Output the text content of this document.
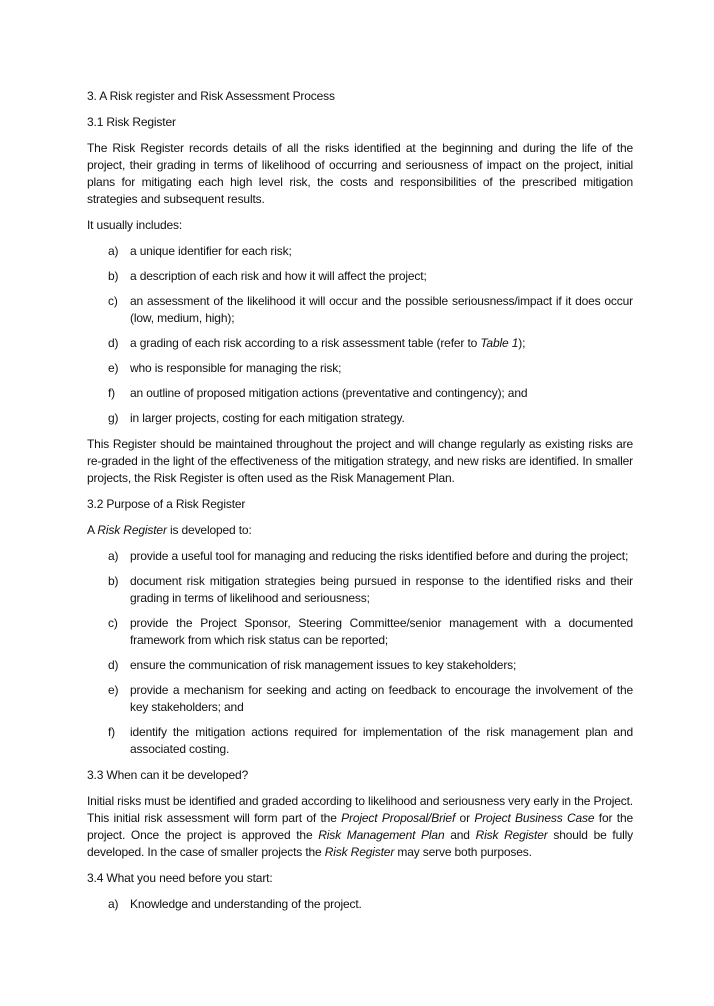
3. A Risk register and Risk Assessment Process

3.1 Risk Register

The Risk Register records details of all the risks identified at the beginning and during the life of the project, their grading in terms of likelihood of occurring and seriousness of impact on the project, initial plans for mitigating each high level risk, the costs and responsibilities of the prescribed mitigation strategies and subsequent results.

It usually includes:

a) a unique identifier for each risk;
b) a description of each risk and how it will affect the project;
c) an assessment of the likelihood it will occur and the possible seriousness/impact if it does occur (low, medium, high);
d) a grading of each risk according to a risk assessment table (refer to Table 1);
e) who is responsible for managing the risk;
f) an outline of proposed mitigation actions (preventative and contingency); and
g) in larger projects, costing for each mitigation strategy.

This Register should be maintained throughout the project and will change regularly as existing risks are re-graded in the light of the effectiveness of the mitigation strategy, and new risks are identified. In smaller projects, the Risk Register is often used as the Risk Management Plan.

3.2 Purpose of a Risk Register

A Risk Register is developed to:

a) provide a useful tool for managing and reducing the risks identified before and during the project;
b) document risk mitigation strategies being pursued in response to the identified risks and their grading in terms of likelihood and seriousness;
c) provide the Project Sponsor, Steering Committee/senior management with a documented framework from which risk status can be reported;
d) ensure the communication of risk management issues to key stakeholders;
e) provide a mechanism for seeking and acting on feedback to encourage the involvement of the key stakeholders; and
f) identify the mitigation actions required for implementation of the risk management plan and associated costing.

3.3 When can it be developed?

Initial risks must be identified and graded according to likelihood and seriousness very early in the Project. This initial risk assessment will form part of the Project Proposal/Brief or Project Business Case for the project. Once the project is approved the Risk Management Plan and Risk Register should be fully developed. In the case of smaller projects the Risk Register may serve both purposes.

3.4 What you need before you start:

a) Knowledge and understanding of the project.
